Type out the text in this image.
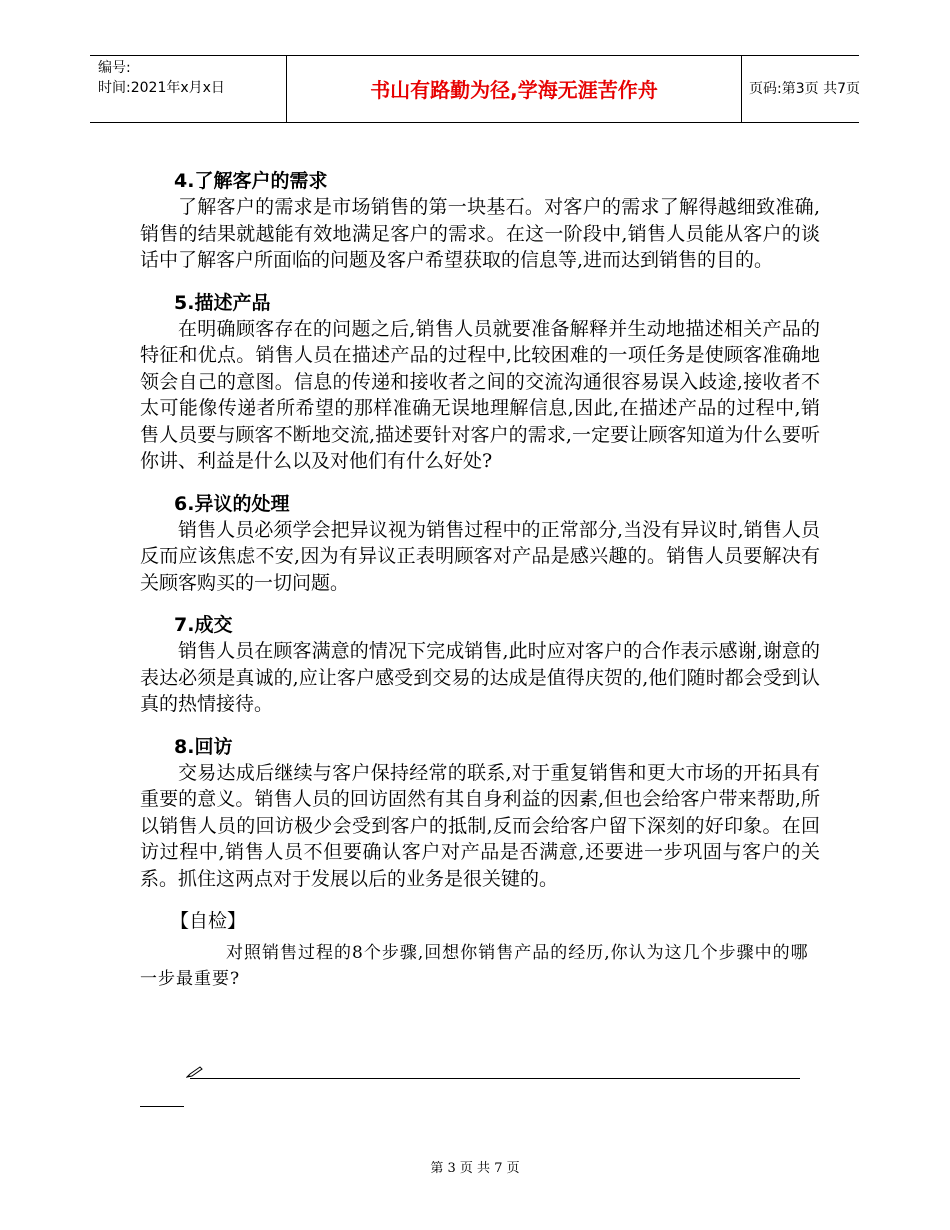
编号:
时间:2021年x月x日	书山有路勤为径,学海无涯苦作舟	页码:第3页 共7页

4.了解客户的需求

了解客户的需求是市场销售的第一块基石。对客户的需求了解得越细致准确,销售的结果就越能有效地满足客户的需求。在这一阶段中,销售人员能从客户的谈话中了解客户所面临的问题及客户希望获取的信息等,进而达到销售的目的。

5.描述产品

在明确顾客存在的问题之后,销售人员就要准备解释并生动地描述相关产品的特征和优点。销售人员在描述产品的过程中,比较困难的一项任务是使顾客准确地领会自己的意图。信息的传递和接收者之间的交流沟通很容易误入歧途,接收者不太可能像传递者所希望的那样准确无误地理解信息,因此,在描述产品的过程中,销售人员要与顾客不断地交流,描述要针对客户的需求,一定要让顾客知道为什么要听你讲、利益是什么以及对他们有什么好处?

6.异议的处理

销售人员必须学会把异议视为销售过程中的正常部分,当没有异议时,销售人员反而应该焦虑不安,因为有异议正表明顾客对产品是感兴趣的。销售人员要解决有关顾客购买的一切问题。

7.成交

销售人员在顾客满意的情况下完成销售,此时应对客户的合作表示感谢,谢意的表达必须是真诚的,应让客户感受到交易的达成是值得庆贺的,他们随时都会受到认真的热情接待。

8.回访

交易达成后继续与客户保持经常的联系,对于重复销售和更大市场的开拓具有重要的意义。销售人员的回访固然有其自身利益的因素,但也会给客户带来帮助,所以销售人员的回访极少会受到客户的抵制,反而会给客户留下深刻的好印象。在回访过程中,销售人员不但要确认客户对产品是否满意,还要进一步巩固与客户的关系。抓住这两点对于发展以后的业务是很关键的。

【自检】

对照销售过程的8个步骤,回想你销售产品的经历,你认为这几个步骤中的哪一步最重要?

第 3 页 共 7 页
